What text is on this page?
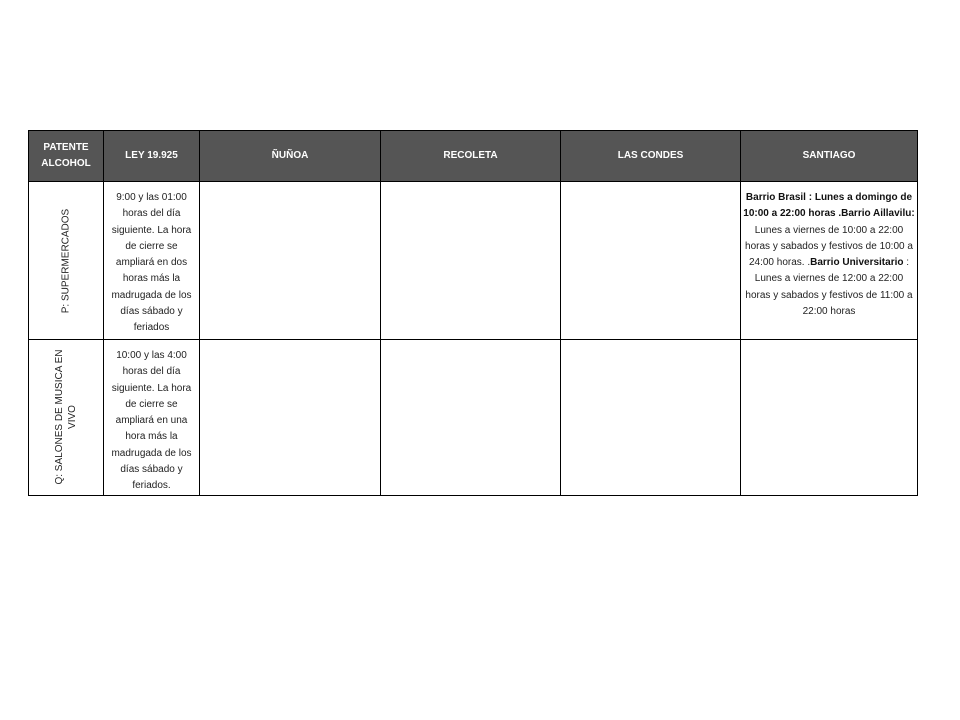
PATENTE ALCOHOL	LEY 19.925	ÑUÑOA	RECOLETA	LAS CONDES	SANTIAGO

P: SUPERMERCADOS	9:00 y las 01:00 horas del día siguiente. La hora de cierre se ampliará en dos horas más la madrugada de los días sábado y feriados				Barrio Brasil : Lunes a domingo de 10:00 a 22:00 horas .Barrio Aillavilu: Lunes a viernes de 10:00 a 22:00 horas y sabados y festivos de 10:00 a 24:00 horas. .Barrio Universitario : Lunes a viernes de 12:00 a 22:00 horas y sabados y festivos de 11:00 a 22:00 horas

Q: SALONES DE MUSICA EN VIVO	10:00 y las 4:00 horas del día siguiente. La hora de cierre se ampliará en una hora más la madrugada de los días sábado y feriados.				
